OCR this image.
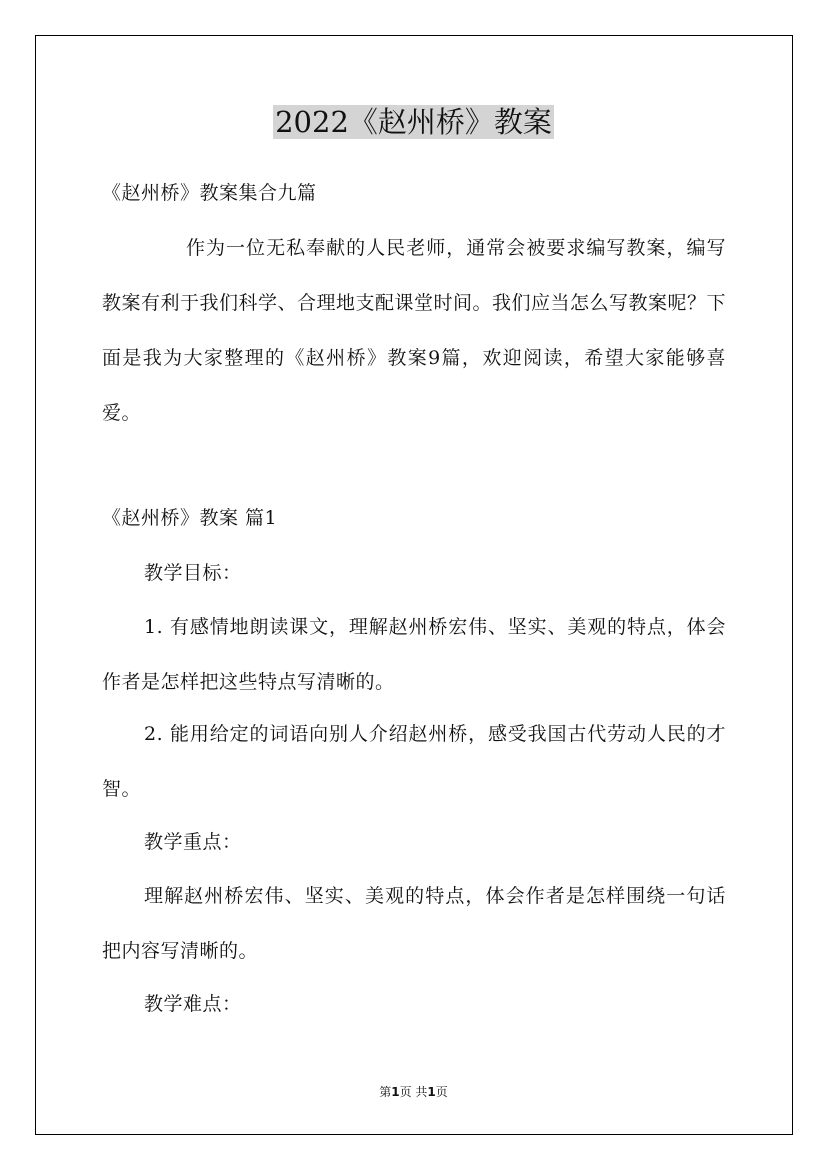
2022《赵州桥》教案
《赵州桥》教案集合九篇
作为一位无私奉献的人民老师，通常会被要求编写教案，编写教案有利于我们科学、合理地支配课堂时间。我们应当怎么写教案呢？下面是我为大家整理的《赵州桥》教案9篇，欢迎阅读，希望大家能够喜爱。
《赵州桥》教案 篇1
教学目标：
1. 有感情地朗读课文，理解赵州桥宏伟、坚实、美观的特点，体会作者是怎样把这些特点写清晰的。
2. 能用给定的词语向别人介绍赵州桥，感受我国古代劳动人民的才智。
教学重点：
理解赵州桥宏伟、坚实、美观的特点，体会作者是怎样围绕一句话把内容写清晰的。
教学难点：
第1页 共1页
